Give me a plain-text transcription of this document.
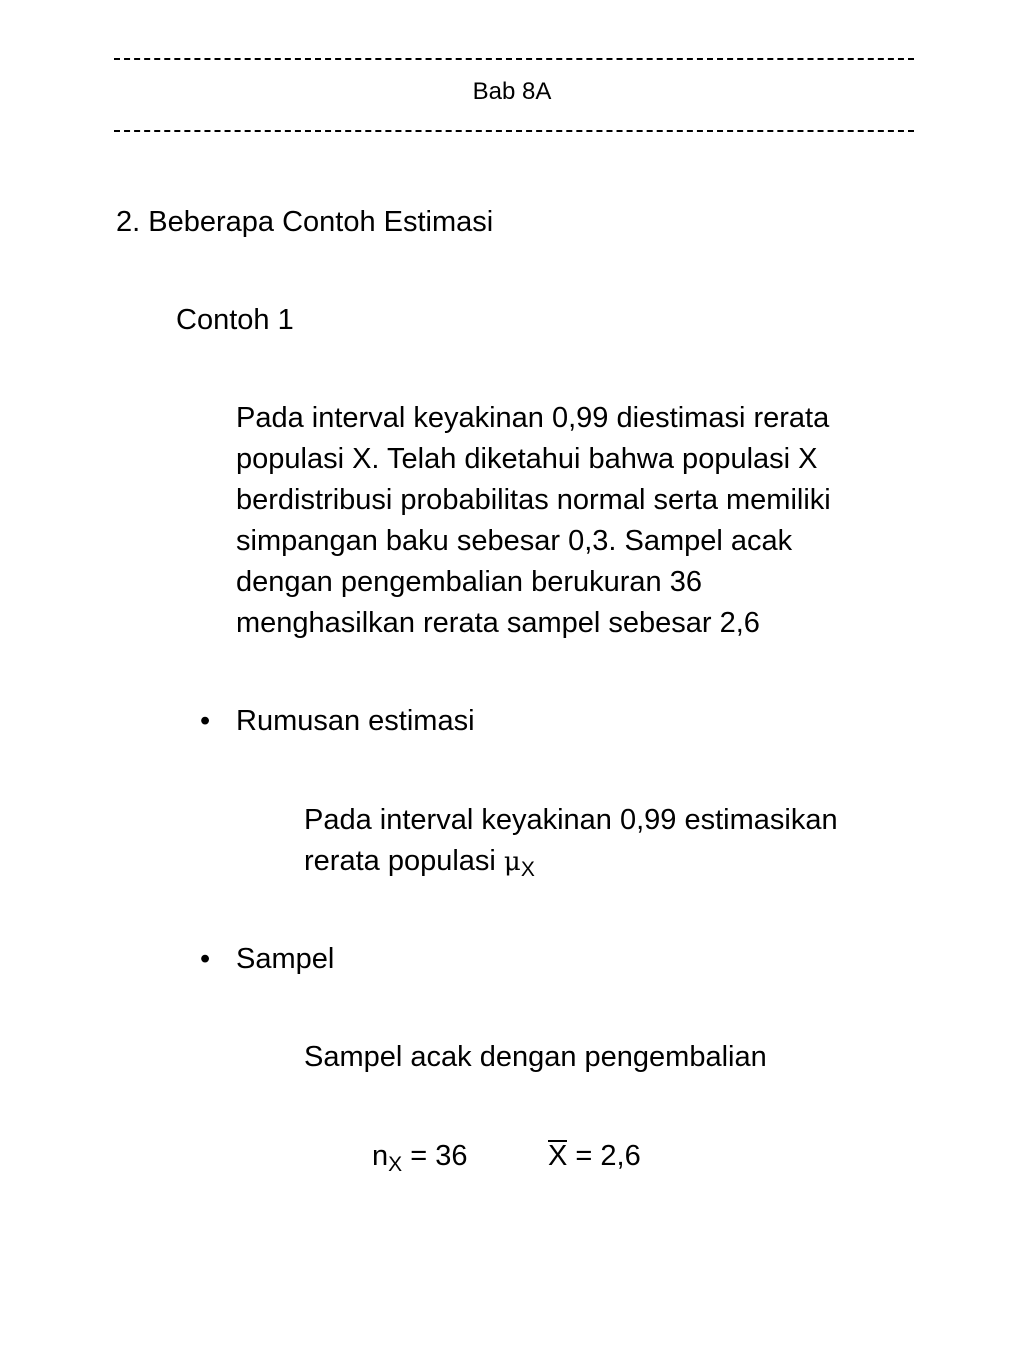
Bab 8A
2. Beberapa Contoh Estimasi
Contoh 1
Pada interval keyakinan 0,99 diestimasi rerata
populasi X. Telah diketahui bahwa populasi X
berdistribusi probabilitas normal serta memiliki
simpangan baku sebesar 0,3. Sampel acak
dengan pengembalian berukuran 36
menghasilkan rerata sampel sebesar 2,6
• Rumusan estimasi
Pada interval keyakinan 0,99 estimasikan
rerata populasi $\mu_X$
• Sampel
Sampel acak dengan pengembalian
$n_X = 36$	X = 2,6
